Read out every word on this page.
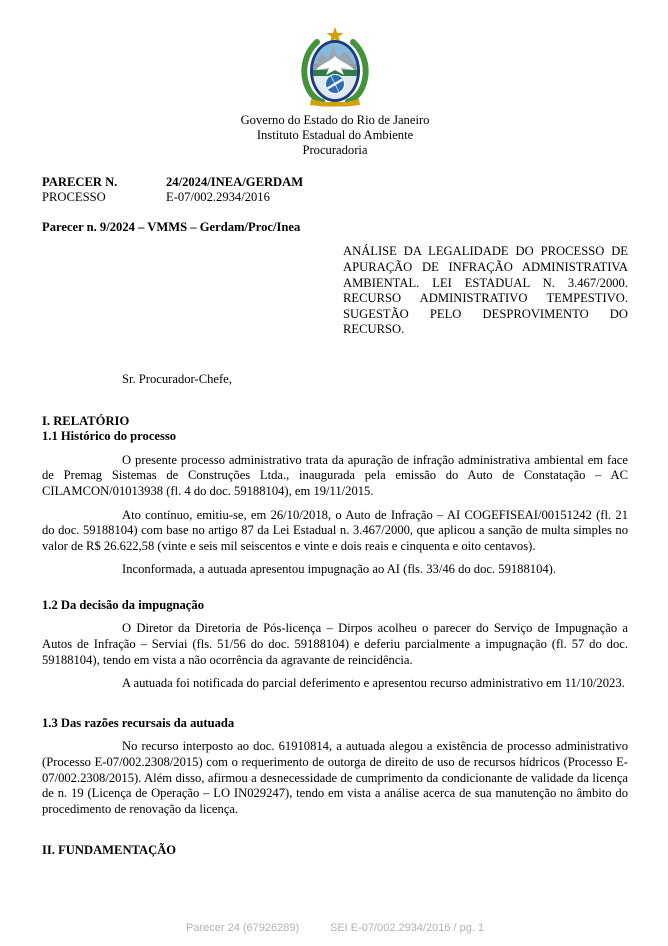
Governo do Estado do Rio de Janeiro
Instituto Estadual do Ambiente
Procuradoria
PARECER N.	24/2024/INEA/GERDAM
PROCESSO	E-07/002.2934/2016
Parecer n. 9/2024 – VMMS – Gerdam/Proc/Inea
ANÁLISE DA LEGALIDADE DO PROCESSO DE APURAÇÃO DE INFRAÇÃO ADMINISTRATIVA AMBIENTAL. LEI ESTADUAL N. 3.467/2000. RECURSO ADMINISTRATIVO TEMPESTIVO. SUGESTÃO PELO DESPROVIMENTO DO RECURSO.
Sr. Procurador-Chefe,
I. RELATÓRIO
1.1 Histórico do processo

O presente processo administrativo trata da apuração de infração administrativa ambiental em face de Premag Sistemas de Construções Ltda., inaugurada pela emissão do Auto de Constatação – AC CILAMCON/01013938 (fl. 4 do doc. 59188104), em 19/11/2015.

Ato contínuo, emitiu-se, em 26/10/2018, o Auto de Infração – AI COGEFISEAI/00151242 (fl. 21 do doc. 59188104) com base no artigo 87 da Lei Estadual n. 3.467/2000, que aplicou a sanção de multa simples no valor de R$ 26.622,58 (vinte e seis mil seiscentos e vinte e dois reais e cinquenta e oito centavos).

Inconformada, a autuada apresentou impugnação ao AI (fls. 33/46 do doc. 59188104).

1.2 Da decisão da impugnação

O Diretor da Diretoria de Pós-licença – Dirpos acolheu o parecer do Serviço de Impugnação a Autos de Infração – Serviai (fls. 51/56 do doc. 59188104) e deferiu parcialmente a impugnação (fl. 57 do doc. 59188104), tendo em vista a não ocorrência da agravante de reincidência.

A autuada foi notificada do parcial deferimento e apresentou recurso administrativo em 11/10/2023.

1.3 Das razões recursais da autuada

No recurso interposto ao doc. 61910814, a autuada alegou a existência de processo administrativo (Processo E-07/002.2308/2015) com o requerimento de outorga de direito de uso de recursos hídricos (Processo E-07/002.2308/2015). Além disso, afirmou a desnecessidade de cumprimento da condicionante de validade da licença de n. 19 (Licença de Operação – LO IN029247), tendo em vista a análise acerca de sua manutenção no âmbito do procedimento de renovação da licença.

II. FUNDAMENTAÇÃO
Parecer 24 (67926289)	SEI E-07/002.2934/2016 / pg. 1
